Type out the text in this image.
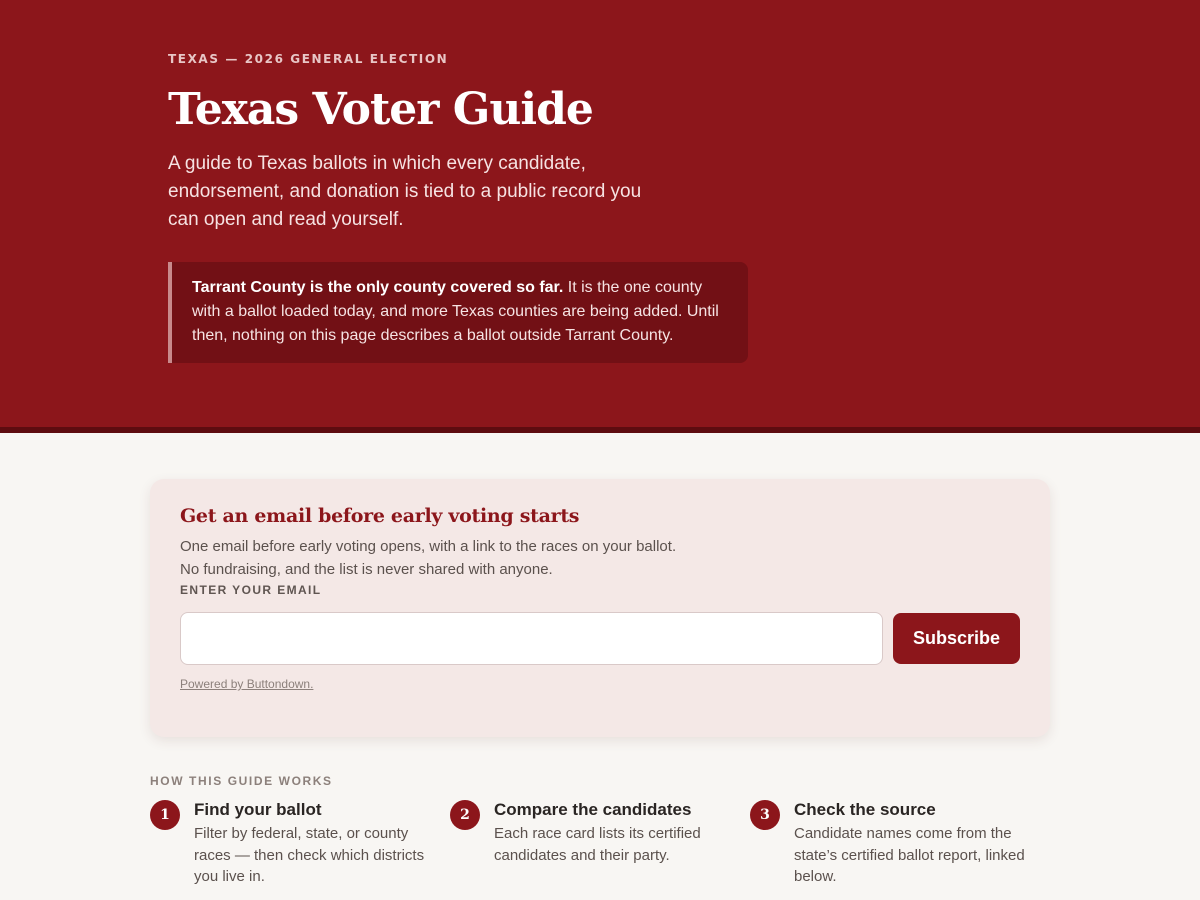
TEXAS — 2026 GENERAL ELECTION
Texas Voter Guide

A guide to Texas ballots in which every candidate, endorsement, and donation is tied to a public record you can open and read yourself.

Tarrant County is the only county covered so far. It is the one county with a ballot loaded today, and more Texas counties are being added. Until then, nothing on this page describes a ballot outside Tarrant County.
Get an email before early voting starts

One email before early voting opens, with a link to the races on your ballot.
No fundraising, and the list is never shared with anyone.

ENTER YOUR EMAIL
Subscribe
Powered by Buttondown.
HOW THIS GUIDE WORKS
1	Find your ballot
Filter by federal, state, or county races — then check which districts you live in.
2	Compare the candidates
Each race card lists its certified candidates and their party.
3	Check the source
Candidate names come from the state’s certified ballot report, linked below.
